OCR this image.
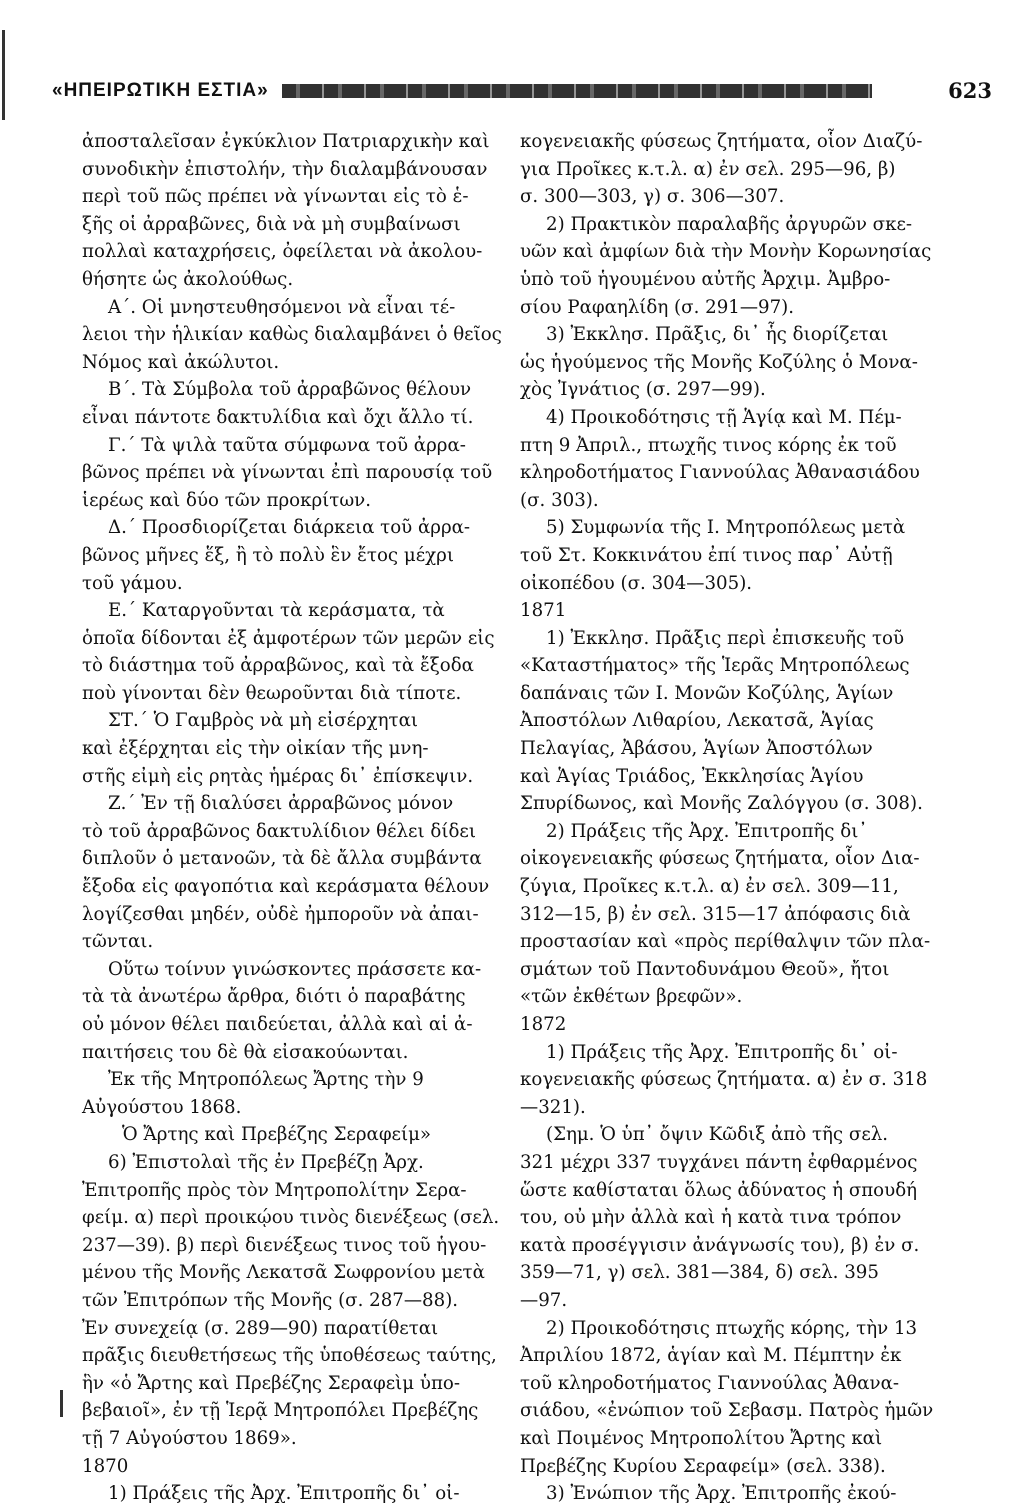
«ΗΠΕΙΡΩΤΙΚΗ ΕΣΤΙΑ»	623
ἀποσταλεῖσαν ἐγκύκλιον Πατριαρχικὴν καὶ
συνοδικὴν ἐπιστολήν, τὴν διαλαμβάνουσαν
περὶ τοῦ πῶς πρέπει νὰ γίνωνται εἰς τὸ ἑ-
ξῆς οἱ ἀρραβῶνες, διὰ νὰ μὴ συμβαίνωσι
πολλαὶ καταχρήσεις, ὀφείλεται νὰ ἀκολου-
θήσητε ὡς ἀκολούθως.
Α΄. Οἱ μνηστευθησόμενοι νὰ εἶναι τέ-
λειοι τὴν ἡλικίαν καθὼς διαλαμβάνει ὁ θεῖος
Νόμος καὶ ἀκώλυτοι.
Β΄. Τὰ Σύμβολα τοῦ ἀρραβῶνος θέλουν
εἶναι πάντοτε δακτυλίδια καὶ ὄχι ἄλλο τί.
Γ.΄ Τὰ ψιλὰ ταῦτα σύμφωνα τοῦ ἀρρα-
βῶνος πρέπει νὰ γίνωνται ἐπὶ παρουσίᾳ τοῦ
ἱερέως καὶ δύο τῶν προκρίτων.
Δ.΄ Προσδιορίζεται διάρκεια τοῦ ἀρρα-
βῶνος μῆνες ἕξ, ἢ τὸ πολὺ ἓν ἔτος μέχρι
τοῦ γάμου.
Ε.΄ Καταργοῦνται τὰ κεράσματα, τὰ
ὁποῖα δίδονται ἐξ ἀμφοτέρων τῶν μερῶν εἰς
τὸ διάστημα τοῦ ἀρραβῶνος, καὶ τὰ ἔξοδα
ποὺ γίνονται δὲν θεωροῦνται διὰ τίποτε.
ΣΤ.΄ Ὁ Γαμβρὸς νὰ μὴ εἰσέρχηται
καὶ ἐξέρχηται εἰς τὴν οἰκίαν τῆς μνη-
στῆς εἰμὴ εἰς ρητὰς ἡμέρας δι᾿ ἐπίσκεψιν.
Ζ.΄ Ἐν τῇ διαλύσει ἀρραβῶνος μόνον
τὸ τοῦ ἀρραβῶνος δακτυλίδιον θέλει δίδει
διπλοῦν ὁ μετανοῶν, τὰ δὲ ἄλλα συμβάντα
ἔξοδα εἰς φαγοπότια καὶ κεράσματα θέλουν
λογίζεσθαι μηδέν, οὐδὲ ἠμποροῦν νὰ ἀπαι-
τῶνται.
Οὕτω τοίνυν γινώσκοντες πράσσετε κα-
τὰ τὰ ἀνωτέρω ἄρθρα, διότι ὁ παραβάτης
οὐ μόνον θέλει παιδεύεται, ἀλλὰ καὶ αἱ ἀ-
παιτήσεις του δὲ θὰ εἰσακούωνται.
Ἐκ τῆς Μητροπόλεως Ἄρτης τὴν 9
Αὐγούστου 1868.
Ὁ Ἄρτης καὶ Πρεβέζης Σεραφείμ»
6) Ἐπιστολαὶ τῆς ἐν Πρεβέζῃ Ἀρχ.
Ἐπιτροπῆς πρὸς τὸν Μητροπολίτην Σερα-
φείμ. α) περὶ προικῴου τινὸς διενέξεως (σελ.
237—39). β) περὶ διενέξεως τινος τοῦ ἡγου-
μένου τῆς Μονῆς Λεκατσᾶ Σωφρονίου μετὰ
τῶν Ἐπιτρόπων τῆς Μονῆς (σ. 287—88).
Ἐν συνεχείᾳ (σ. 289—90) παρατίθεται
πρᾶξις διευθετήσεως τῆς ὑποθέσεως ταύτης,
ἣν «ὁ Ἄρτης καὶ Πρεβέζης Σεραφεὶμ ὑπο-
βεβαιοῖ», ἐν τῇ Ἱερᾷ Μητροπόλει Πρεβέζης
τῇ 7 Αὐγούστου 1869».
1870
1) Πράξεις τῆς Ἀρχ. Ἐπιτροπῆς δι᾿ οἰ-
κογενειακῆς φύσεως ζητήματα, οἷον Διαζύ-
για Προῖκες κ.τ.λ. α) ἐν σελ. 295—96, β)
σ. 300—303, γ) σ. 306—307.
2) Πρακτικὸν παραλαβῆς ἀργυρῶν σκε-
υῶν καὶ ἀμφίων διὰ τὴν Μονὴν Κορωνησίας
ὑπὸ τοῦ ἡγουμένου αὐτῆς Ἀρχιμ. Ἀμβρο-
σίου Ραφαηλίδη (σ. 291—97).
3) Ἐκκλησ. Πρᾶξις, δι᾿ ἧς διορίζεται
ὡς ἡγούμενος τῆς Μονῆς Κοζύλης ὁ Μονα-
χὸς Ἰγνάτιος (σ. 297—99).
4) Προικοδότησις τῇ Ἁγίᾳ καὶ Μ. Πέμ-
πτη 9 Ἀπριλ., πτωχῆς τινος κόρης ἐκ τοῦ
κληροδοτήματος Γιαννούλας Ἀθανασιάδου
(σ. 303).
5) Συμφωνία τῆς Ι. Μητροπόλεως μετὰ
τοῦ Στ. Κοκκινάτου ἐπί τινος παρ᾿ Αὐτῇ
οἰκοπέδου (σ. 304—305).
1871
1) Ἐκκλησ. Πρᾶξις περὶ ἐπισκευῆς τοῦ
«Καταστήματος» τῆς Ἱερᾶς Μητροπόλεως
δαπάναις τῶν Ι. Μονῶν Κοζύλης, Ἁγίων
Ἀποστόλων Λιθαρίου, Λεκατσᾶ, Ἁγίας
Πελαγίας, Ἀβάσου, Ἁγίων Ἀποστόλων
καὶ Ἁγίας Τριάδος, Ἐκκλησίας Ἁγίου
Σπυρίδωνος, καὶ Μονῆς Ζαλόγγου (σ. 308).
2) Πράξεις τῆς Ἀρχ. Ἐπιτροπῆς δι᾿
οἰκογενειακῆς φύσεως ζητήματα, οἷον Δια-
ζύγια, Προῖκες κ.τ.λ. α) ἐν σελ. 309—11,
312—15, β) ἐν σελ. 315—17 ἀπόφασις διὰ
προστασίαν καὶ «πρὸς περίθαλψιν τῶν πλα-
σμάτων τοῦ Παντοδυνάμου Θεοῦ», ἤτοι
«τῶν ἐκθέτων βρεφῶν».
1872
1) Πράξεις τῆς Ἀρχ. Ἐπιτροπῆς δι᾿ οἰ-
κογενειακῆς φύσεως ζητήματα. α) ἐν σ. 318
—321).
(Σημ. Ὁ ὑπ᾿ ὄψιν Κῶδιξ ἀπὸ τῆς σελ.
321 μέχρι 337 τυγχάνει πάντη ἐφθαρμένος
ὥστε καθίσταται ὅλως ἀδύνατος ἡ σπουδή
του, οὐ μὴν ἀλλὰ καὶ ἡ κατὰ τινα τρόπον
κατὰ προσέγγισιν ἀνάγνωσίς του), β) ἐν σ.
359—71, γ) σελ. 381—384, δ) σελ. 395
—97.
2) Προικοδότησις πτωχῆς κόρης, τὴν 13
Ἀπριλίου 1872, ἁγίαν καὶ Μ. Πέμπτην ἐκ
τοῦ κληροδοτήματος Γιαννούλας Ἀθανα-
σιάδου, «ἐνώπιον τοῦ Σεβασμ. Πατρὸς ἡμῶν
καὶ Ποιμένος Μητροπολίτου Ἄρτης καὶ
Πρεβέζης Κυρίου Σεραφείμ» (σελ. 338).
3) Ἐνώπιον τῆς Ἀρχ. Ἐπιτροπῆς ἐκού-
